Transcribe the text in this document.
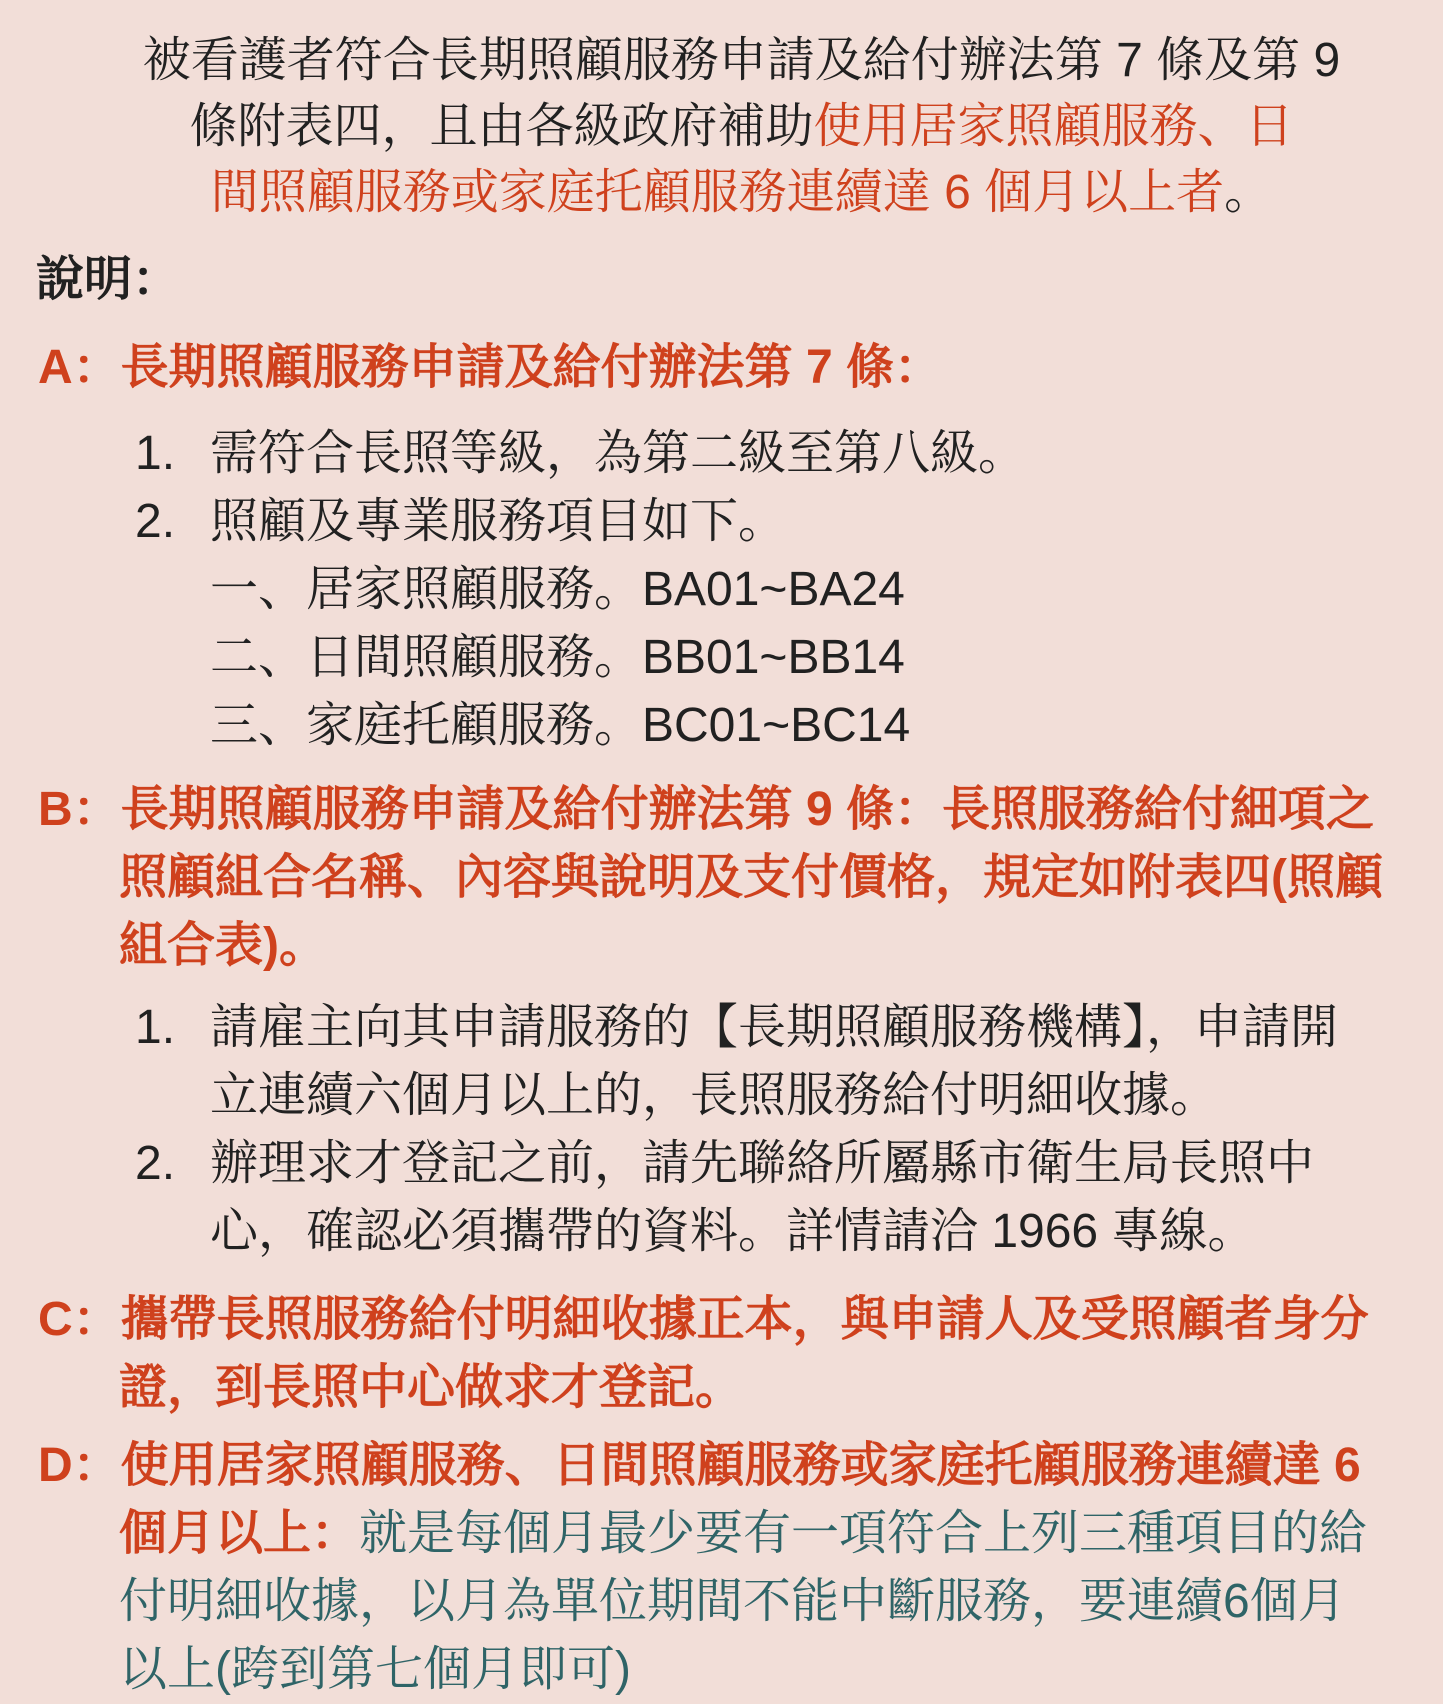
被看護者符合長期照顧服務申請及給付辦法第 7 條及第 9
條附表四，且由各級政府補助使用居家照顧服務、日
間照顧服務或家庭托顧服務連續達 6 個月以上者。
說明：
A：長期照顧服務申請及給付辦法第 7 條：
1. 需符合長照等級，為第二級至第八級。
2. 照顧及專業服務項目如下。
一、居家照顧服務。BA01~BA24
二、日間照顧服務。BB01~BB14
三、家庭托顧服務。BC01~BC14
B：長期照顧服務申請及給付辦法第 9 條：長照服務給付細項之照顧組合名稱、內容與說明及支付價格，規定如附表四(照顧組合表)。
1. 請雇主向其申請服務的【長期照顧服務機構】，申請開立連續六個月以上的，長照服務給付明細收據。
2. 辦理求才登記之前，請先聯絡所屬縣市衛生局長照中心，確認必須攜帶的資料。詳情請洽 1966 專線。
C：攜帶長照服務給付明細收據正本，與申請人及受照顧者身分證，到長照中心做求才登記。
D：使用居家照顧服務、日間照顧服務或家庭托顧服務連續達 6 個月以上：就是每個月最少要有一項符合上列三種項目的給付明細收據，以月為單位期間不能中斷服務，要連續6個月以上(跨到第七個月即可)
